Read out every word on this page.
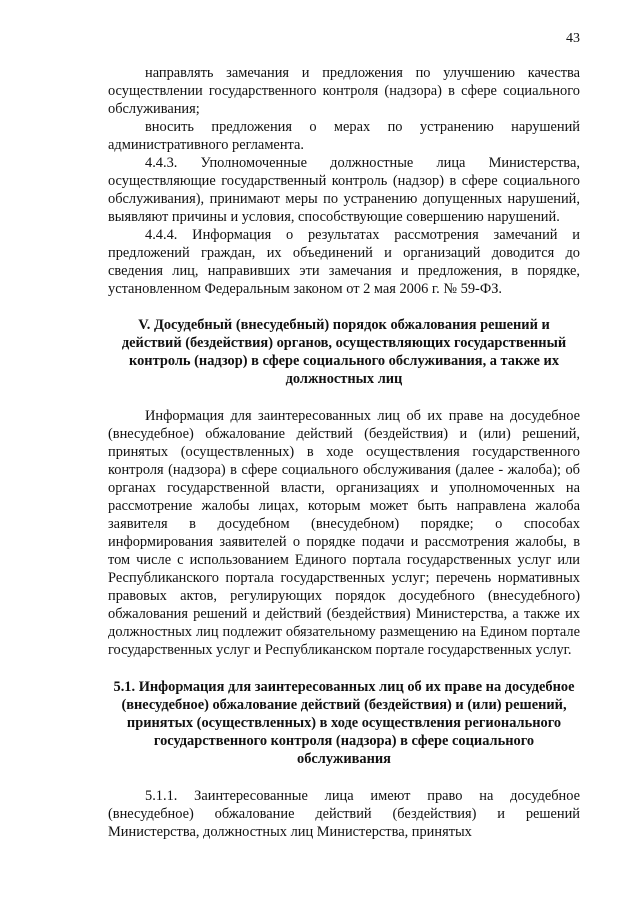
43

направлять замечания и предложения по улучшению качества осуществлении государственного контроля (надзора) в сфере социального обслуживания;

вносить предложения о мерах по устранению нарушений административного регламента.

4.4.3. Уполномоченные должностные лица Министерства, осуществляющие государственный контроль (надзор) в сфере социального обслуживания), принимают меры по устранению допущенных нарушений, выявляют причины и условия, способствующие совершению нарушений.

4.4.4. Информация о результатах рассмотрения замечаний и предложений граждан, их объединений и организаций доводится до сведения лиц, направивших эти замечания и предложения, в порядке, установленном Федеральным законом от 2 мая 2006 г. № 59-ФЗ.

V. Досудебный (внесудебный) порядок обжалования решений и действий (бездействия) органов, осуществляющих государственный контроль (надзор) в сфере социального обслуживания, а также их должностных лиц

Информация для заинтересованных лиц об их праве на досудебное (внесудебное) обжалование действий (бездействия) и (или) решений, принятых (осуществленных) в ходе осуществления государственного контроля (надзора) в сфере социального обслуживания (далее - жалоба); об органах государственной власти, организациях и уполномоченных на рассмотрение жалобы лицах, которым может быть направлена жалоба заявителя в досудебном (внесудебном) порядке; о способах информирования заявителей о порядке подачи и рассмотрения жалобы, в том числе с использованием Единого портала государственных услуг или Республиканского портала государственных услуг; перечень нормативных правовых актов, регулирующих порядок досудебного (внесудебного) обжалования решений и действий (бездействия) Министерства, а также их должностных лиц подлежит обязательному размещению на Едином портале государственных услуг и Республиканском портале государственных услуг.

5.1. Информация для заинтересованных лиц об их праве на досудебное (внесудебное) обжалование действий (бездействия) и (или) решений, принятых (осуществленных) в ходе осуществления регионального государственного контроля (надзора) в сфере социального обслуживания

5.1.1. Заинтересованные лица имеют право на досудебное (внесудебное) обжалование действий (бездействия) и решений Министерства, должностных лиц Министерства, принятых
